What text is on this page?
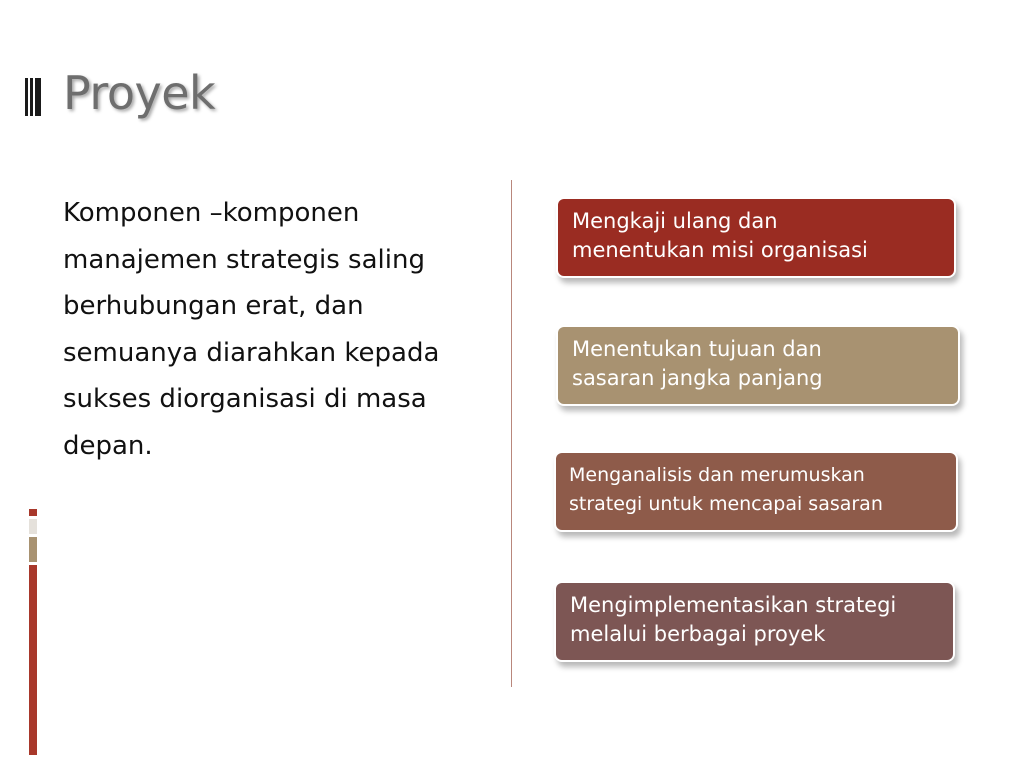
Proyek
Komponen –komponen manajemen strategis saling berhubungan erat, dan semuanya diarahkan kepada sukses diorganisasi di masa depan.
Mengkaji ulang dan
menentukan misi organisasi
Menentukan tujuan dan
sasaran jangka panjang
Menganalisis dan merumuskan
strategi untuk mencapai sasaran
Mengimplementasikan strategi
melalui berbagai proyek
